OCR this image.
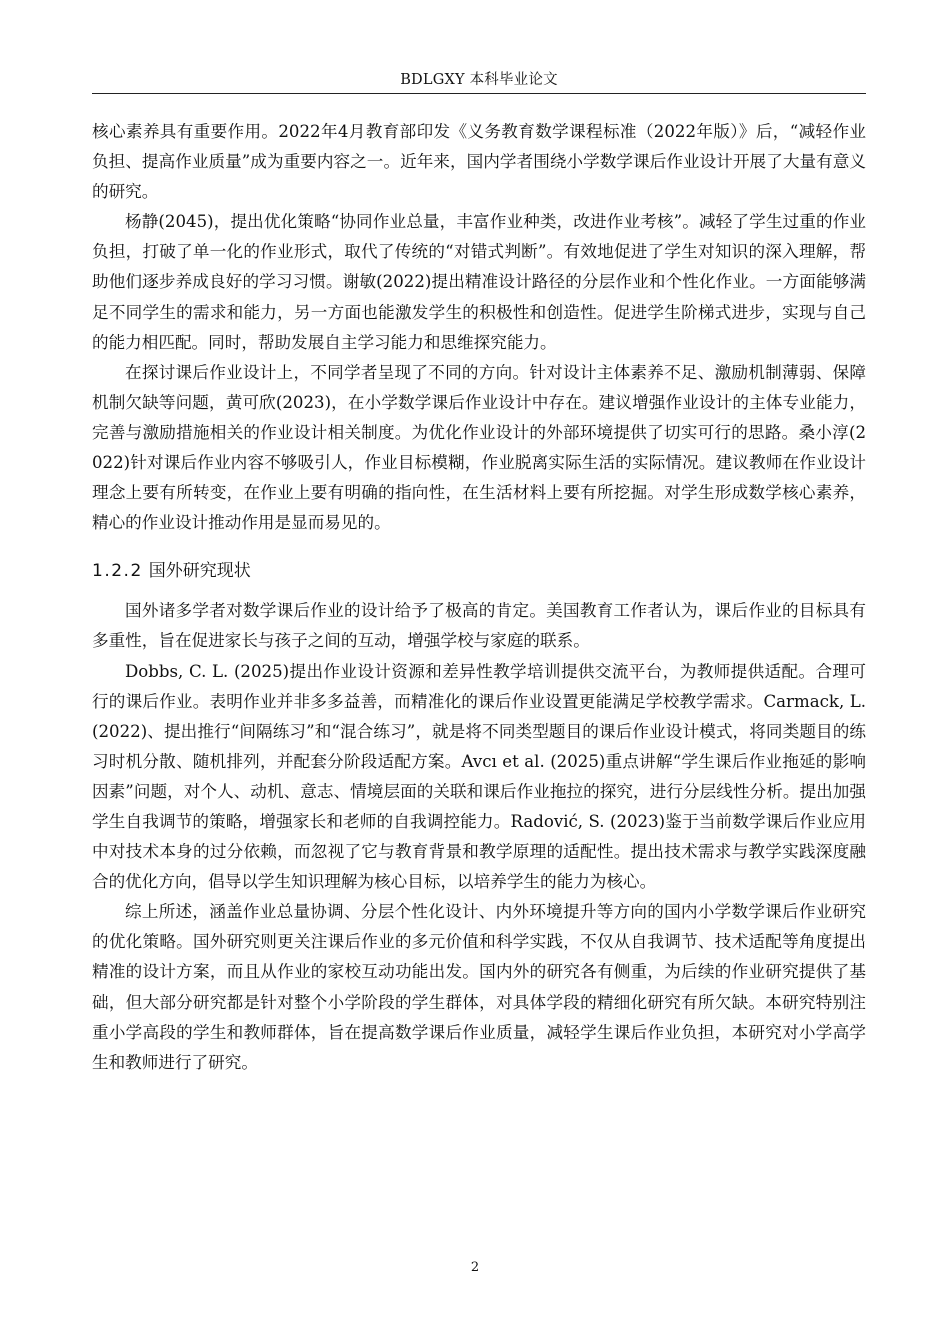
BDLGXY 本科毕业论文

核心素养具有重要作用。2022年4月教育部印发《义务教育数学课程标准（2022年版）》后，“减轻作业负担、提高作业质量”成为重要内容之一。近年来，国内学者围绕小学数学课后作业设计开展了大量有意义的研究。

杨静(2045)，提出优化策略“协同作业总量，丰富作业种类，改进作业考核”。减轻了学生过重的作业负担，打破了单一化的作业形式，取代了传统的“对错式判断”。有效地促进了学生对知识的深入理解，帮助他们逐步养成良好的学习习惯。谢敏(2022)提出精准设计路径的分层作业和个性化作业。一方面能够满足不同学生的需求和能力，另一方面也能激发学生的积极性和创造性。促进学生阶梯式进步，实现与自己的能力相匹配。同时，帮助发展自主学习能力和思维探究能力。

在探讨课后作业设计上，不同学者呈现了不同的方向。针对设计主体素养不足、激励机制薄弱、保障机制欠缺等问题，黄可欣(2023)，在小学数学课后作业设计中存在。建议增强作业设计的主体专业能力，完善与激励措施相关的作业设计相关制度。为优化作业设计的外部环境提供了切实可行的思路。桑小淳(2022)针对课后作业内容不够吸引人，作业目标模糊，作业脱离实际生活的实际情况。建议教师在作业设计理念上要有所转变，在作业上要有明确的指向性，在生活材料上要有所挖掘。对学生形成数学核心素养，精心的作业设计推动作用是显而易见的。

1.2.2 国外研究现状

国外诸多学者对数学课后作业的设计给予了极高的肯定。美国教育工作者认为，课后作业的目标具有多重性，旨在促进家长与孩子之间的互动，增强学校与家庭的联系。

Dobbs, C. L. (2025)提出作业设计资源和差异性教学培训提供交流平台，为教师提供适配。合理可行的课后作业。表明作业并非多多益善，而精准化的课后作业设置更能满足学校教学需求。Carmack, L. (2022)、提出推行“间隔练习”和“混合练习”，就是将不同类型题目的课后作业设计模式，将同类题目的练习时机分散、随机排列，并配套分阶段适配方案。Avcı et al. (2025)重点讲解“学生课后作业拖延的影响因素”问题，对个人、动机、意志、情境层面的关联和课后作业拖拉的探究，进行分层线性分析。提出加强学生自我调节的策略，增强家长和老师的自我调控能力。Radović, S. (2023)鉴于当前数学课后作业应用中对技术本身的过分依赖，而忽视了它与教育背景和教学原理的适配性。提出技术需求与教学实践深度融合的优化方向，倡导以学生知识理解为核心目标，以培养学生的能力为核心。

综上所述，涵盖作业总量协调、分层个性化设计、内外环境提升等方向的国内小学数学课后作业研究的优化策略。国外研究则更关注课后作业的多元价值和科学实践，不仅从自我调节、技术适配等角度提出精准的设计方案，而且从作业的家校互动功能出发。国内外的研究各有侧重，为后续的作业研究提供了基础，但大部分研究都是针对整个小学阶段的学生群体，对具体学段的精细化研究有所欠缺。本研究特别注重小学高段的学生和教师群体，旨在提高数学课后作业质量，减轻学生课后作业负担，本研究对小学高学生和教师进行了研究。

2
